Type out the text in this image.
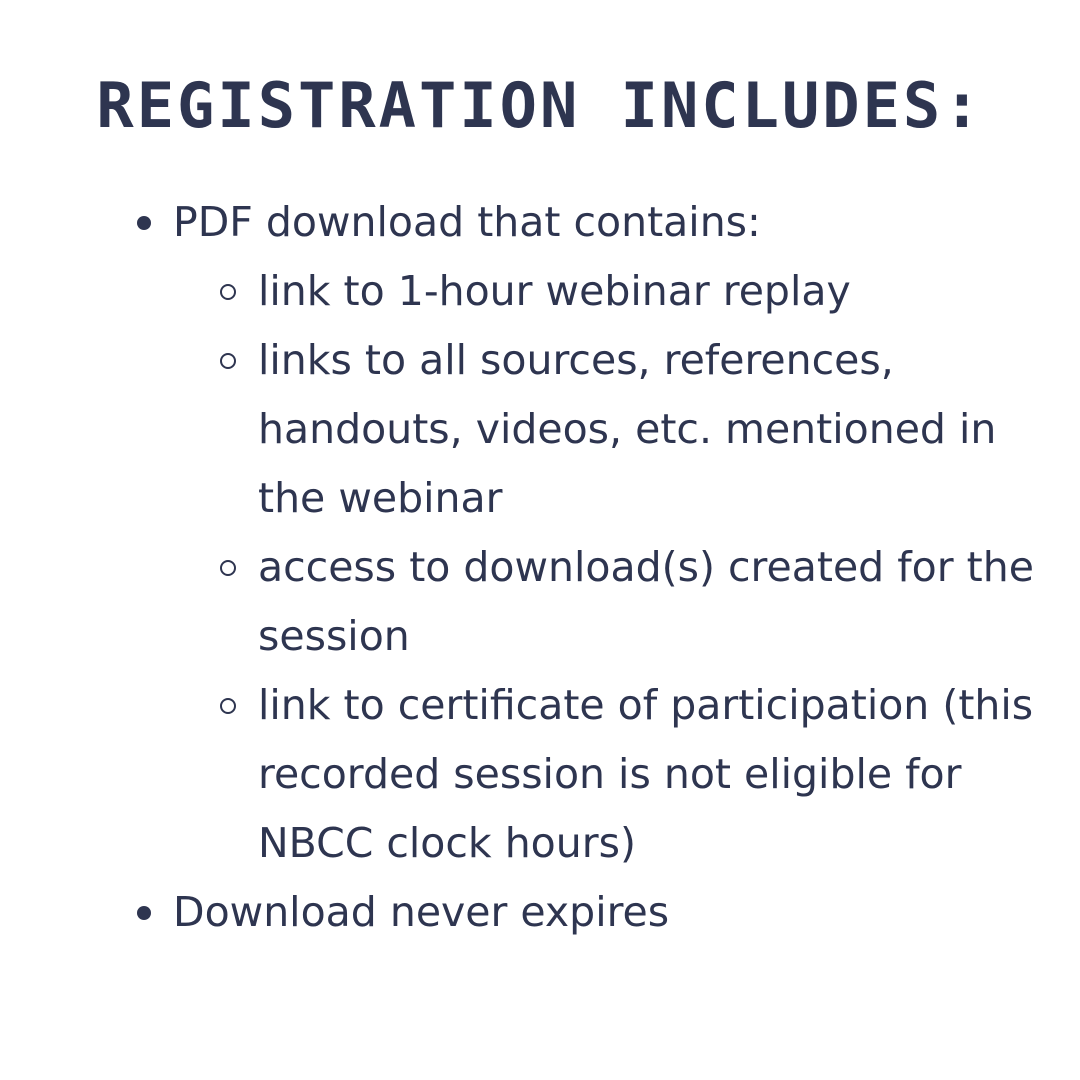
REGISTRATION INCLUDES:
PDF download that contains:
link to 1-hour webinar replay
links to all sources, references, handouts, videos, etc. mentioned in the webinar
access to download(s) created for the session
link to certificate of participation (this recorded session is not eligible for NBCC clock hours)
Download never expires
